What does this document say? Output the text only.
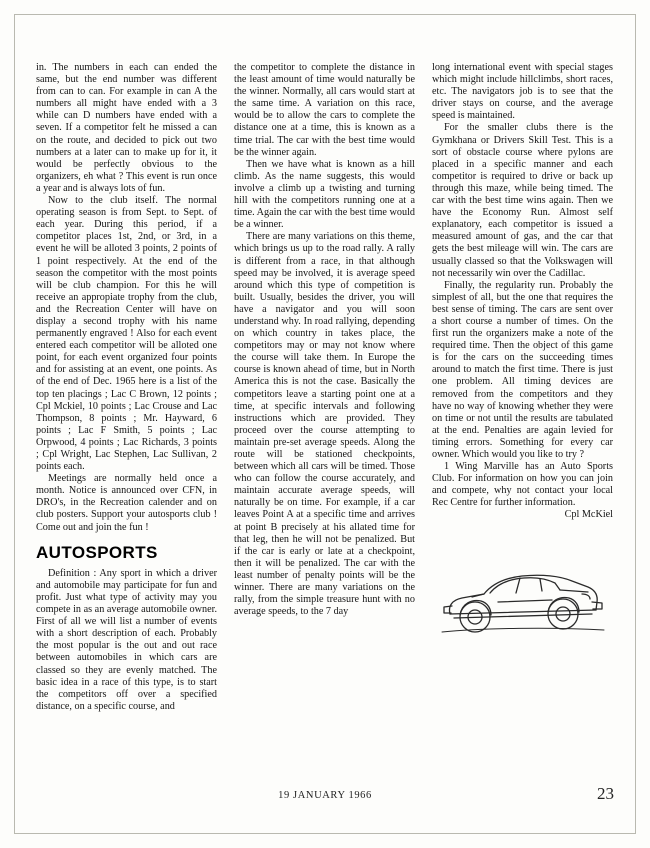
in. The numbers in each can ended the same, but the end number was different from can to can. For example in can A the numbers all might have ended with a 3 while can D numbers have ended with a seven. If a competitor felt he missed a can on the route, and decided to pick out two numbers at a later can to make up for it, it would be perfectly obvious to the organizers, eh what ? This event is run once a year and is always lots of fun.

Now to the club itself. The normal operating season is from Sept. to Sept. of each year. During this period, if a competitor places 1st, 2nd, or 3rd, in a event he will be alloted 3 points, 2 points of 1 point respectively. At the end of the season the competitor with the most points will be club champion. For this he will receive an appropiate trophy from the club, and the Recreation Center will have on display a second trophy with his name permanently engraved ! Also for each event entered each competitor will be alloted one point, for each event organized four points and for assisting at an event, one points. As of the end of Dec. 1965 here is a list of the top ten placings ; Lac C Brown, 12 points ; Cpl Mckiel, 10 points ; Lac Crouse and Lac Thompson, 8 points ; Mr. Hayward, 6 points ; Lac F Smith, 5 points ; Lac Orpwood, 4 points ; Lac Richards, 3 points ; Cpl Wright, Lac Stephen, Lac Sullivan, 2 points each.

Meetings are normally held once a month. Notice is announced over CFN, in DRO's, in the Recreation calender and on club posters. Support your autosports club ! Come out and join the fun !

AUTOSPORTS

Definition : Any sport in which a driver and automobile may participate for fun and profit. Just what type of activity may you compete in as an average automobile owner. First of all we will list a number of events with a short description of each. Probably the most popular is the out and out race between automobiles in which cars are classed so they are evenly matched. The basic idea in a race of this type, is to start the competitors off over a specified distance, on a specific course, and

the competitor to complete the distance in the least amount of time would naturally be the winner. Normally, all cars would start at the same time. A variation on this race, would be to allow the cars to complete the distance one at a time, this is known as a time trial. The car with the best time would be the winner again.

Then we have what is known as a hill climb. As the name suggests, this would involve a climb up a twisting and turning hill with the competitors running one at a time. Again the car with the best time would be a winner.

There are many variations on this theme, which brings us up to the road rally. A rally is different from a race, in that although speed may be involved, it is average speed around which this type of competition is built. Usually, besides the driver, you will have a navigator and you will soon understand why. In road rallying, depending on which country in takes place, the competitors may or may not know where the course will take them. In Europe the course is known ahead of time, but in North America this is not the case. Basically the competitors leave a starting point one at a time, at specific intervals and following instructions which are provided. They proceed over the course attempting to maintain pre-set average speeds. Along the route will be stationed checkpoints, between which all cars will be timed. Those who can follow the course accurately, and maintain accurate average speeds, will naturally be on time. For example, if a car leaves Point A at a specific time and arrives at point B precisely at his allated time for that leg, then he will not be penalized. But if the car is early or late at a checkpoint, then it will be penalized. The car with the least number of penalty points will be the winner. There are many variations on the rally, from the simple treasure hunt with no average speeds, to the 7 day

long international event with special stages which might include hillclimbs, short races, etc. The navigators job is to see that the driver stays on course, and the average speed is maintained.

For the smaller clubs there is the Gymkhana or Drivers Skill Test. This is a sort of obstacle course where pylons are placed in a specific manner and each competitor is required to drive or back up through this maze, while being timed. The car with the best time wins again. Then we have the Economy Run. Almost self explanatory, each competitor is issued a measured amount of gas, and the car that gets the best mileage will win. The cars are usually classed so that the Volkswagen will not necessarily win over the Cadillac.

Finally, the regularity run. Probably the simplest of all, but the one that requires the best sense of timing. The cars are sent over a short course a number of times. On the first run the organizers make a note of the required time. Then the object of this game is for the cars on the succeeding times around to match the first time. There is just one problem. All timing devices are removed from the competitors and they have no way of knowing whether they were on time or not until the results are tabulated at the end. Penalties are again levied for timing errors. Something for every car owner. Which would you like to try ?

1 Wing Marville has an Auto Sports Club. For information on how you can join and compete, why not contact your local Rec Centre for further information.

Cpl McKiel

19 JANUARY 1966	23
